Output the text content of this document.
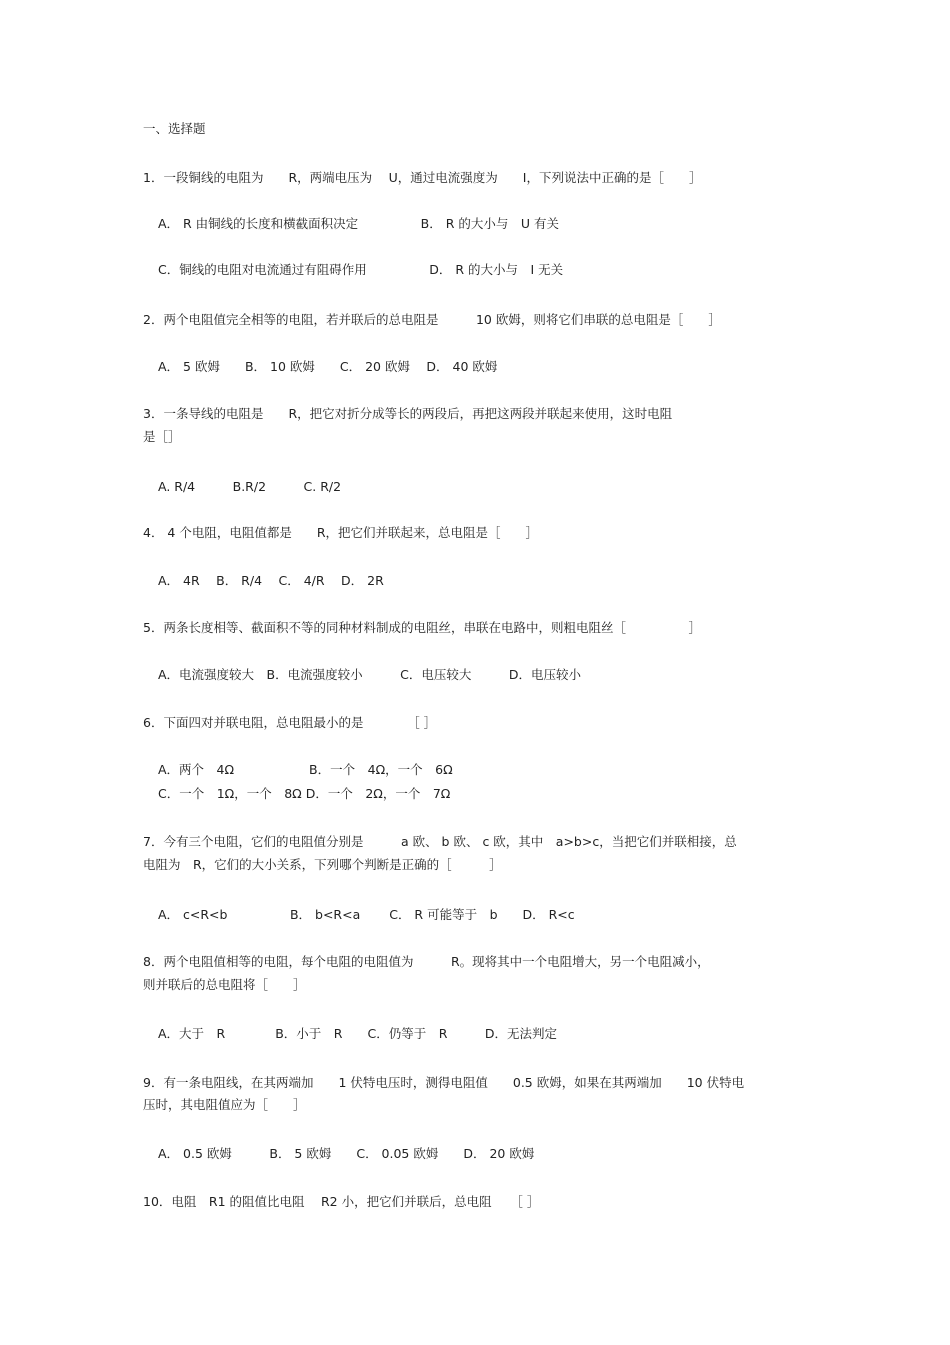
一、选择题

1．一段铜线的电阻为　　R，两端电压为　 U，通过电流强度为　　I，下列说法中正确的是［　　］

A． R 由铜线的长度和横截面积决定　　　　　B． R 的大小与　U 有关

C．铜线的电阻对电流通过有阻碍作用　　　　　D． R 的大小与　I 无关

2．两个电阻值完全相等的电阻，若并联后的总电阻是　　　10 欧姆，则将它们串联的总电阻是［　　］

A． 5 欧姆　　B． 10 欧姆　　C． 20 欧姆　 D． 40 欧姆

3．一条导线的电阻是　　R，把它对折分成等长的两段后，再把这两段并联起来使用，这时电阻

是［］

A. R/4　　　B.R/2　　　C. R/2

4． 4 个电阻，电阻值都是　　R，把它们并联起来，总电阻是［　　］

A． 4R　 B． R/4　 C． 4/R　 D． 2R

5．两条长度相等、截面积不等的同种材料制成的电阻丝，串联在电路中，则粗电阻丝［　　　　　］

A．电流强度较大　B．电流强度较小　　　C．电压较大　　　D．电压较小

6．下面四对并联电阻，总电阻最小的是　　　　［ ］

A．两个　4Ω　　　　　　B．一个　4Ω，一个　6Ω

C．一个　1Ω，一个　8Ω D．一个　2Ω，一个　7Ω

7．今有三个电阻，它们的电阻值分别是　　　a 欧、 b 欧、 c 欧，其中　a>b>c，当把它们并联相接，总

电阻为　R，它们的大小关系，下列哪个判断是正确的［　　　］

A． c<R<b　　　　　B． b<R<a　　 C． R 可能等于　b　　D． R<c

8．两个电阻值相等的电阻，每个电阻的电阻值为　　　R。现将其中一个电阻增大，另一个电阻减小，

则并联后的总电阻将［　　］

A．大于　R　　　　B．小于　R　　C．仍等于　R　　　D．无法判定

9．有一条电阻线，在其两端加　　1 伏特电压时，测得电阻值　　0.5 欧姆，如果在其两端加　　10 伏特电

压时，其电阻值应为［　　］

A． 0.5 欧姆　　　B． 5 欧姆　　C． 0.05 欧姆　　D． 20 欧姆

10．电阻　R1 的阻值比电阻　 R2 小，把它们并联后，总电阻　　［ ］
